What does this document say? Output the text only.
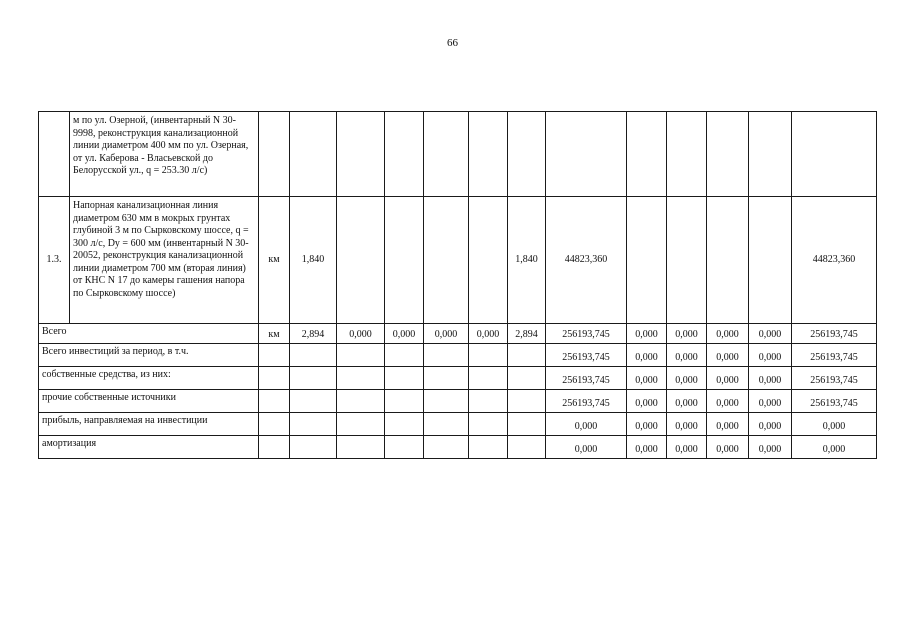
66
	м по ул. Озерной, (инвентарный N 30-9998, реконструкция канализационной линии диаметром 400 мм по ул. Озерная, от ул. Каберова - Власьевской до Белорусской ул., q = 253.30 л/с)													
1.3.	Напорная канализационная линия диаметром 630 мм в мокрых грунтах глубиной 3 м по Сырковскому шоссе, q = 300 л/с, Dy = 600 мм (инвентарный N 30-20052, реконструкция канализационной линии диаметром 700 мм (вторая линия) от КНС N 17 до камеры гашения напора по Сырковскому шоссе)	км	1,840					1,840	44823,360					44823,360
Всего		км	2,894	0,000	0,000	0,000	0,000	2,894	256193,745	0,000	0,000	0,000	0,000	256193,745
Всего инвестиций за период, в т.ч.									256193,745	0,000	0,000	0,000	0,000	256193,745
собственные средства, из них:									256193,745	0,000	0,000	0,000	0,000	256193,745
прочие собственные источники									256193,745	0,000	0,000	0,000	0,000	256193,745
прибыль, направляемая на инвестиции									0,000	0,000	0,000	0,000	0,000	0,000
амортизация									0,000	0,000	0,000	0,000	0,000	0,000
